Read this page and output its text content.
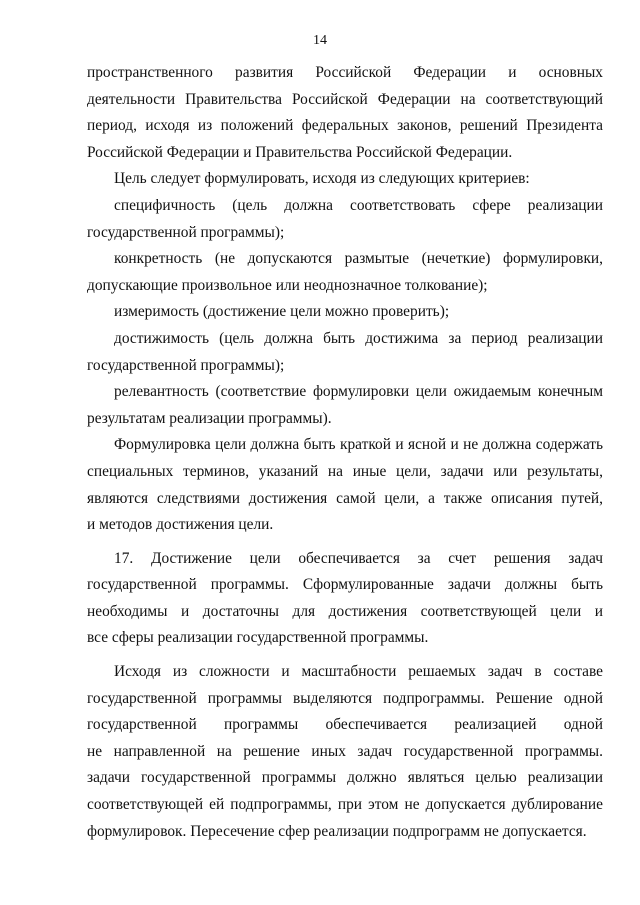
14
пространственного развития Российской Федерации и основных
деятельности Правительства Российской Федерации на соответствующий
период, исходя из положений федеральных законов, решений Президента
Российской Федерации и Правительства Российской Федерации.
Цель следует формулировать, исходя из следующих критериев:
специфичность (цель должна соответствовать сфере реализации
государственной программы);
конкретность (не допускаются размытые (нечеткие) формулировки,
допускающие произвольное или неоднозначное толкование);
измеримость (достижение цели можно проверить);
достижимость (цель должна быть достижима за период реализации
государственной программы);
релевантность (соответствие формулировки цели ожидаемым конечным
результатам реализации программы).
Формулировка цели должна быть краткой и ясной и не должна содержать
специальных терминов, указаний на иные цели, задачи или результаты,
являются следствиями достижения самой цели, а также описания путей,
и методов достижения цели.
17. Достижение цели обеспечивается за счет решения задач
государственной программы. Сформулированные задачи должны быть
необходимы и достаточны для достижения соответствующей цели и
все сферы реализации государственной программы.
Исходя из сложности и масштабности решаемых задач в составе
государственной программы выделяются подпрограммы. Решение одной
государственной программы обеспечивается реализацией одной
не направленной на решение иных задач государственной программы.
задачи государственной программы должно являться целью реализации
соответствующей ей подпрограммы, при этом не допускается дублирование
формулировок. Пересечение сфер реализации подпрограмм не допускается.
